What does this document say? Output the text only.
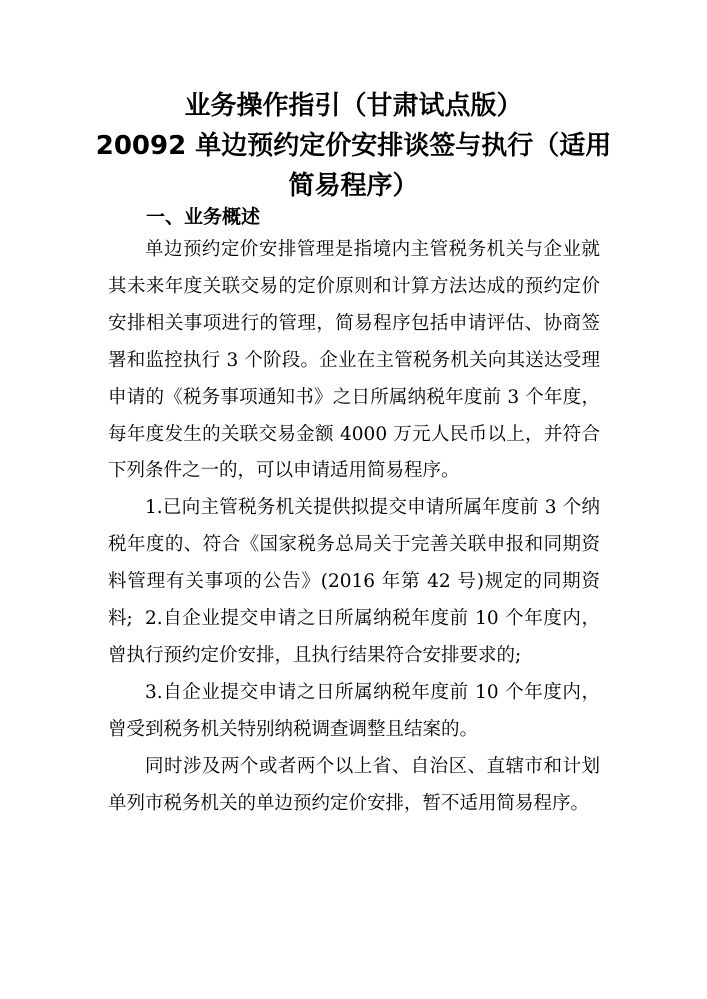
业务操作指引（甘肃试点版）
20092 单边预约定价安排谈签与执行（适用
简易程序）
一、业务概述

单边预约定价安排管理是指境内主管税务机关与企业就其未来年度关联交易的定价原则和计算方法达成的预约定价安排相关事项进行的管理，简易程序包括申请评估、协商签署和监控执行 3 个阶段。企业在主管税务机关向其送达受理申请的《税务事项通知书》之日所属纳税年度前 3 个年度，每年度发生的关联交易金额 4000 万元人民币以上，并符合下列条件之一的，可以申请适用简易程序。

1.已向主管税务机关提供拟提交申请所属年度前 3 个纳税年度的、符合《国家税务总局关于完善关联申报和同期资料管理有关事项的公告》(2016 年第 42 号)规定的同期资料; 2.自企业提交申请之日所属纳税年度前 10 个年度内，曾执行预约定价安排，且执行结果符合安排要求的;

3.自企业提交申请之日所属纳税年度前 10 个年度内，曾受到税务机关特别纳税调查调整且结案的。

同时涉及两个或者两个以上省、自治区、直辖市和计划单列市税务机关的单边预约定价安排，暂不适用简易程序。
